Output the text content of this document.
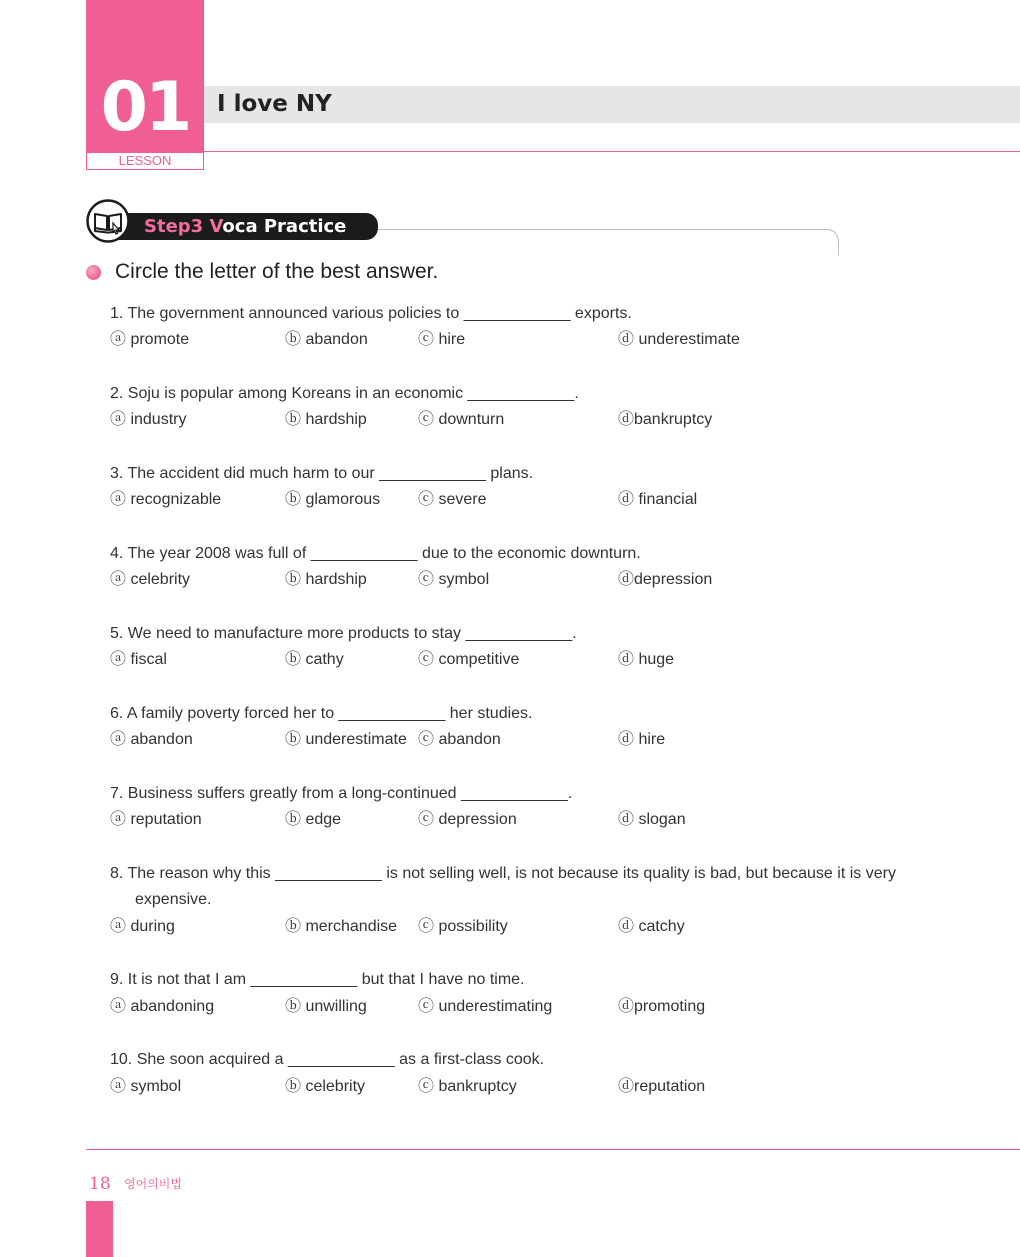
01
LESSON
I love NY
Step3 Voca Practice
Circle the letter of the best answer.
1. The government announced various policies to ____________ exports.
ⓐ promote	ⓑ abandon	ⓒ hire	ⓓ underestimate
2. Soju is popular among Koreans in an economic ____________.
ⓐ industry	ⓑ hardship	ⓒ downturn	ⓓbankruptcy
3. The accident did much harm to our ____________ plans.
ⓐ recognizable	ⓑ glamorous ⓒ severe	ⓓ financial
4. The year 2008 was full of ____________ due to the economic downturn.
ⓐ celebrity	ⓑ hardship	ⓒ symbol	ⓓdepression
5. We need to manufacture more products to stay ____________.
ⓐ fiscal	ⓑ cathy	ⓒ competitive	ⓓ huge
6. A family poverty forced her to ____________ her studies.
ⓐ abandon	ⓑ underestimate ⓒ abandon	ⓓ hire
7. Business suffers greatly from a long-continued ____________.
ⓐ reputation	ⓑ edge	ⓒ depression	ⓓ slogan
8. The reason why this ____________ is not selling well, is not because its quality is bad, but because it is very
expensive.
ⓐ during	ⓑ merchandise ⓒ possibility	ⓓ catchy
9. It is not that I am ____________ but that I have no time.
ⓐ abandoning	ⓑ unwilling	ⓒ underestimating	ⓓpromoting
10. She soon acquired a ____________ as a first-class cook.
ⓐ symbol	ⓑ celebrity	ⓒ bankruptcy	ⓓreputation
18 영어의비법
